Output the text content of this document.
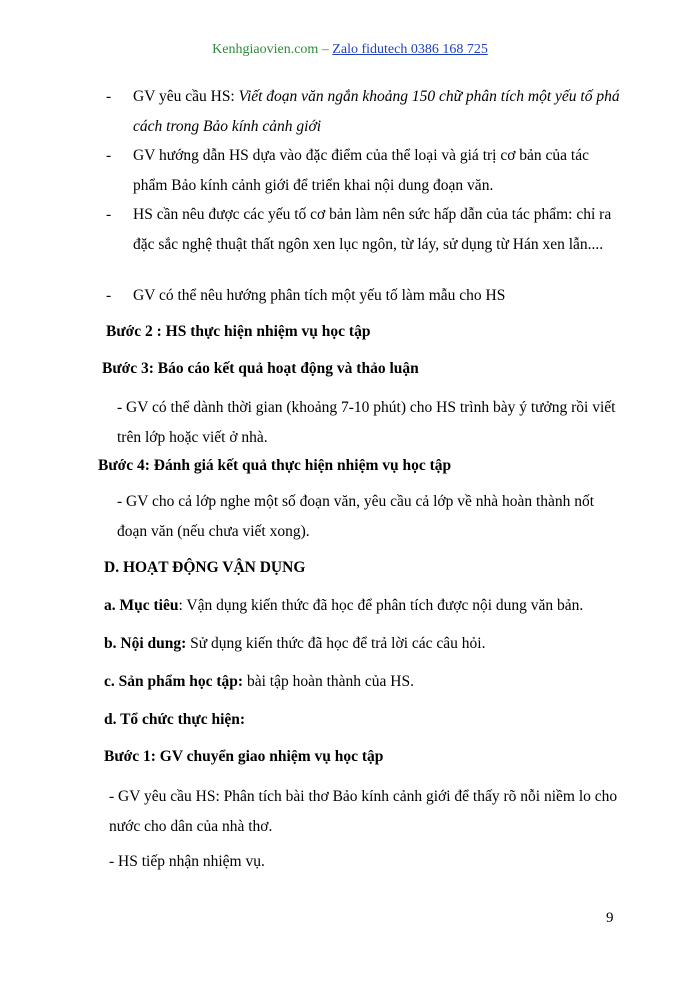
Kenhgiaovien.com – Zalo fidutech 0386 168 725
- GV yêu cầu HS: Viết đoạn văn ngắn khoảng 150 chữ phân tích một yếu tố phá cách trong Bảo kính cảnh giới
- GV hướng dẫn HS dựa vào đặc điểm của thể loại và giá trị cơ bản của tác phẩm Bảo kính cảnh giới để triển khai nội dung đoạn văn.
- HS cần nêu được các yếu tố cơ bản làm nên sức hấp dẫn của tác phẩm: chỉ ra đặc sắc nghệ thuật thất ngôn xen lục ngôn, từ láy, sử dụng từ Hán xen lẫn....
- GV có thể nêu hướng phân tích một yếu tố làm mẫu cho HS
Bước 2 : HS thực hiện nhiệm vụ học tập
Bước 3: Báo cáo kết quả hoạt động và thảo luận
- GV có thể dành thời gian (khoảng 7-10 phút) cho HS trình bày ý tưởng rồi viết trên lớp hoặc viết ở nhà.
Bước 4: Đánh giá kết quả thực hiện nhiệm vụ học tập
- GV cho cả lớp nghe một số đoạn văn, yêu cầu cả lớp về nhà hoàn thành nốt đoạn văn (nếu chưa viết xong).
D. HOẠT ĐỘNG VẬN DỤNG
a. Mục tiêu: Vận dụng kiến thức đã học để phân tích được nội dung văn bản.
b. Nội dung: Sử dụng kiến thức đã học để trả lời các câu hỏi.
c. Sản phẩm học tập: bài tập hoàn thành của HS.
d. Tổ chức thực hiện:
Bước 1: GV chuyển giao nhiệm vụ học tập
- GV yêu cầu HS: Phân tích bài thơ Bảo kính cảnh giới để thấy rõ nỗi niềm lo cho nước cho dân của nhà thơ.
- HS tiếp nhận nhiệm vụ.
9
